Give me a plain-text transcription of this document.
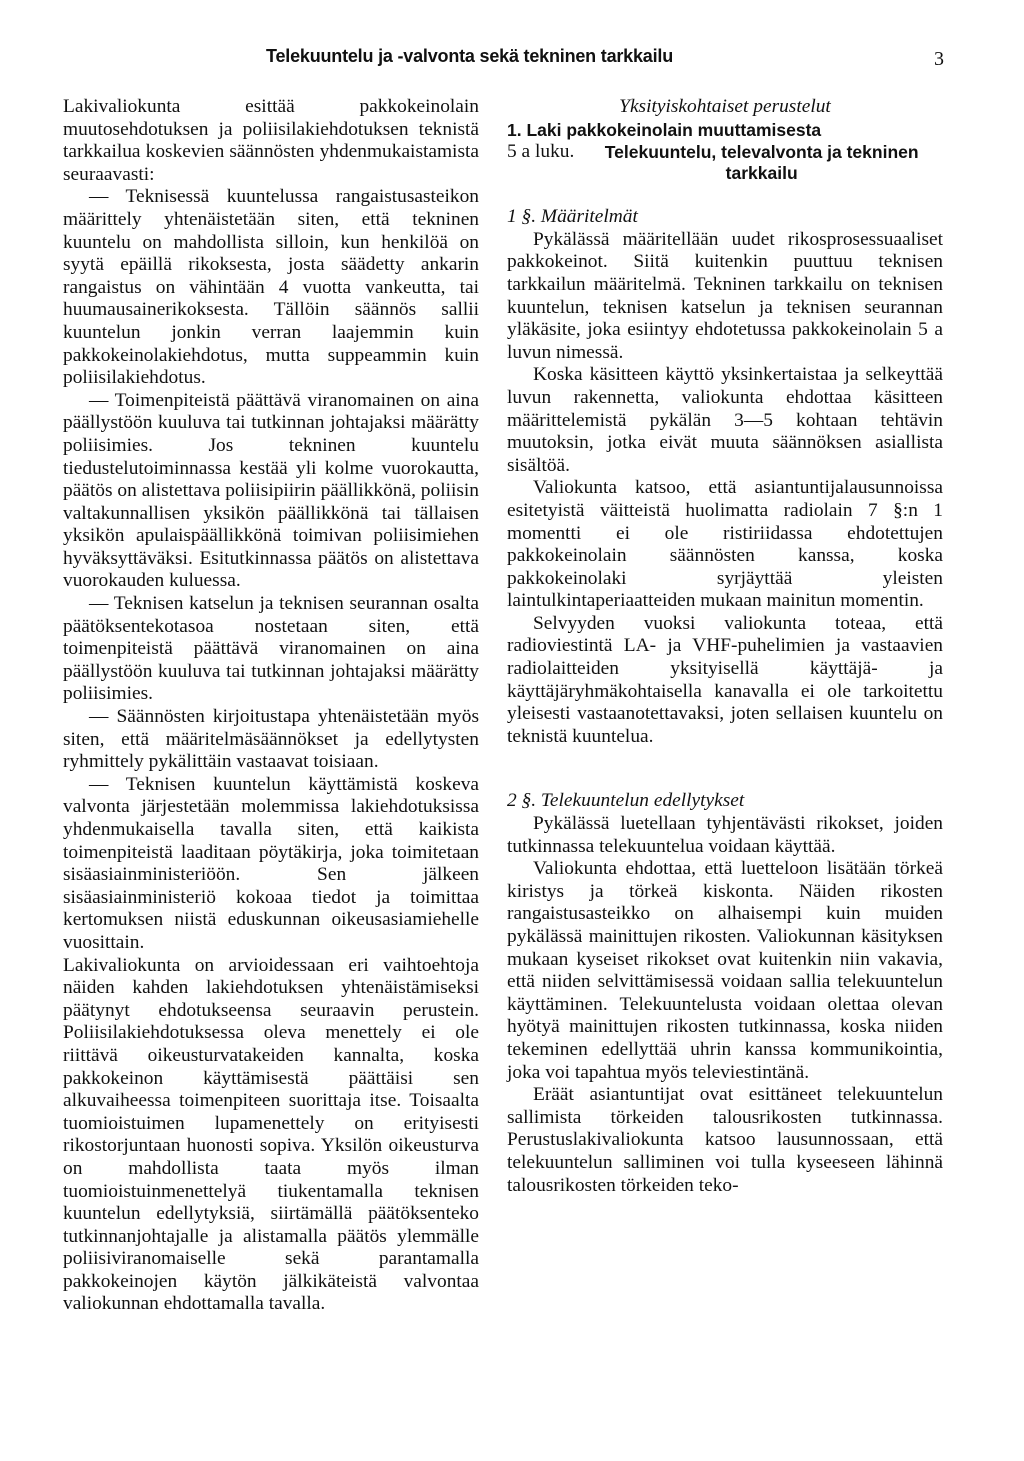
Telekuuntelu ja -valvonta sekä tekninen tarkkailu	3

Lakivaliokunta esittää pakkokeinolain muutosehdotuksen ja poliisilakiehdotuksen teknistä tarkkailua koskevien säännösten yhdenmukaistamista seuraavasti:

— Teknisessä kuuntelussa rangaistusasteikon määrittely yhtenäistetään siten, että tekninen kuuntelu on mahdollista silloin, kun henkilöä on syytä epäillä rikoksesta, josta säädetty ankarin rangaistus on vähintään 4 vuotta vankeutta, tai huumausainerikoksesta. Tällöin säännös sallii kuuntelun jonkin verran laajemmin kuin pakkokeinolakiehdotus, mutta suppeammin kuin poliisilakiehdotus.

— Toimenpiteistä päättävä viranomainen on aina päällystöön kuuluva tai tutkinnan johtajaksi määrätty poliisimies. Jos tekninen kuuntelu tiedustelutoiminnassa kestää yli kolme vuorokautta, päätös on alistettava poliisipiirin päällikkönä, poliisin valtakunnallisen yksikön päällikkönä tai tällaisen yksikön apulaispäällikkönä toimivan poliisimiehen hyväksyttäväksi. Esitutkinnassa päätös on alistettava vuorokauden kuluessa.

— Teknisen katselun ja teknisen seurannan osalta päätöksentekotasoa nostetaan siten, että toimenpiteistä päättävä viranomainen on aina päällystöön kuuluva tai tutkinnan johtajaksi määrätty poliisimies.

— Säännösten kirjoitustapa yhtenäistetään myös siten, että määritelmäsäännökset ja edellytysten ryhmittely pykälittäin vastaavat toisiaan.

— Teknisen kuuntelun käyttämistä koskeva valvonta järjestetään molemmissa lakiehdotuksissa yhdenmukaisella tavalla siten, että kaikista toimenpiteistä laaditaan pöytäkirja, joka toimitetaan sisäasiainministeriöön. Sen jälkeen sisäasiainministeriö kokoaa tiedot ja toimittaa kertomuksen niistä eduskunnan oikeusasiamiehelle vuosittain.

Lakivaliokunta on arvioidessaan eri vaihtoehtoja näiden kahden lakiehdotuksen yhtenäistämiseksi päätynyt ehdotukseensa seuraavin perustein. Poliisilakiehdotuksessa oleva menettely ei ole riittävä oikeusturvatakeiden kannalta, koska pakkokeinon käyttämisestä päättäisi sen alkuvaiheessa toimenpiteen suorittaja itse. Toisaalta tuomioistuimen lupamenettely on erityisesti rikostorjuntaan huonosti sopiva. Yksilön oikeusturva on mahdollista taata myös ilman tuomioistuinmenettelyä tiukentamalla teknisen kuuntelun edellytyksiä, siirtämällä päätöksenteko tutkinnanjohtajalle ja alistamalla päätös ylemmälle poliisiviranomaiselle sekä parantamalla pakkokeinojen käytön jälkikäteistä valvontaa valiokunnan ehdottamalla tavalla.

Yksityiskohtaiset perustelut

1. Laki pakkokeinolain muuttamisesta

5 a luku.	Telekuuntelu, televalvonta ja tekninen tarkkailu

1 §. Määritelmät

Pykälässä määritellään uudet rikosprosessuaaliset pakkokeinot. Siitä kuitenkin puuttuu teknisen tarkkailun määritelmä. Tekninen tarkkailu on teknisen kuuntelun, teknisen katselun ja teknisen seurannan yläkäsite, joka esiintyy ehdotetussa pakkokeinolain 5 a luvun nimessä.

Koska käsitteen käyttö yksinkertaistaa ja selkeyttää luvun rakennetta, valiokunta ehdottaa käsitteen määrittelemistä pykälän 3—5 kohtaan tehtävin muutoksin, jotka eivät muuta säännöksen asiallista sisältöä.

Valiokunta katsoo, että asiantuntijalausunnoissa esitetyistä väitteistä huolimatta radiolain 7 §:n 1 momentti ei ole ristiriidassa ehdotettujen pakkokeinolain säännösten kanssa, koska pakkokeinolaki syrjäyttää yleisten laintulkintaperiaatteiden mukaan mainitun momentin.

Selvyyden vuoksi valiokunta toteaa, että radioviestintä LA- ja VHF-puhelimien ja vastaavien radiolaitteiden yksityisellä käyttäjä- ja käyttäjäryhmäkohtaisella kanavalla ei ole tarkoitettu yleisesti vastaanotettavaksi, joten sellaisen kuuntelu on teknistä kuuntelua.

2 §. Telekuuntelun edellytykset

Pykälässä luetellaan tyhjentävästi rikokset, joiden tutkinnassa telekuuntelua voidaan käyttää.

Valiokunta ehdottaa, että luetteloon lisätään törkeä kiristys ja törkeä kiskonta. Näiden rikosten rangaistusasteikko on alhaisempi kuin muiden pykälässä mainittujen rikosten. Valiokunnan käsityksen mukaan kyseiset rikokset ovat kuitenkin niin vakavia, että niiden selvittämisessä voidaan sallia telekuuntelun käyttäminen. Telekuuntelusta voidaan olettaa olevan hyötyä mainittujen rikosten tutkinnassa, koska niiden tekeminen edellyttää uhrin kanssa kommunikointia, joka voi tapahtua myös televiestintänä.

Eräät asiantuntijat ovat esittäneet telekuuntelun sallimista törkeiden talousrikosten tutkinnassa. Perustuslakivaliokunta katsoo lausunnossaan, että telekuuntelun salliminen voi tulla kyseeseen lähinnä talousrikosten törkeiden teko-
